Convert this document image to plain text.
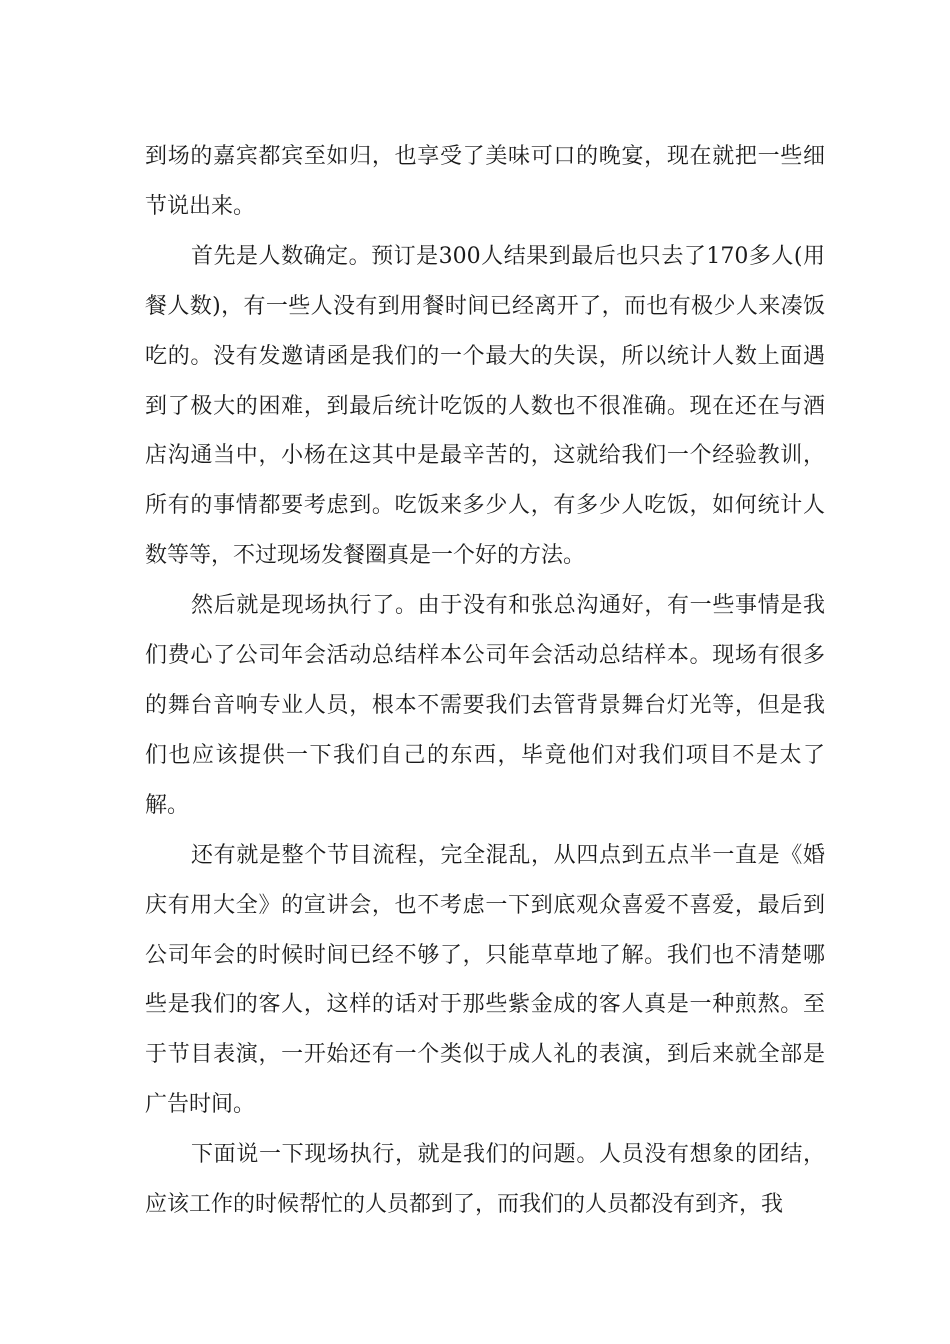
到场的嘉宾都宾至如归，也享受了美味可口的晚宴，现在就把一些细节说出来。

首先是人数确定。预订是300人结果到最后也只去了170多人(用餐人数)，有一些人没有到用餐时间已经离开了，而也有极少人来凑饭吃的。没有发邀请函是我们的一个最大的失误，所以统计人数上面遇到了极大的困难，到最后统计吃饭的人数也不很准确。现在还在与酒店沟通当中，小杨在这其中是最辛苦的，这就给我们一个经验教训，所有的事情都要考虑到。吃饭来多少人，有多少人吃饭，如何统计人数等等，不过现场发餐圈真是一个好的方法。

然后就是现场执行了。由于没有和张总沟通好，有一些事情是我们费心了公司年会活动总结样本公司年会活动总结样本。现场有很多的舞台音响专业人员，根本不需要我们去管背景舞台灯光等，但是我们也应该提供一下我们自己的东西，毕竟他们对我们项目不是太了解。

还有就是整个节目流程，完全混乱，从四点到五点半一直是《婚庆有用大全》的宣讲会，也不考虑一下到底观众喜爱不喜爱，最后到公司年会的时候时间已经不够了，只能草草地了解。我们也不清楚哪些是我们的客人，这样的话对于那些紫金成的客人真是一种煎熬。至于节目表演，一开始还有一个类似于成人礼的表演，到后来就全部是广告时间。

下面说一下现场执行，就是我们的问题。人员没有想象的团结，应该工作的时候帮忙的人员都到了，而我们的人员都没有到齐，我
